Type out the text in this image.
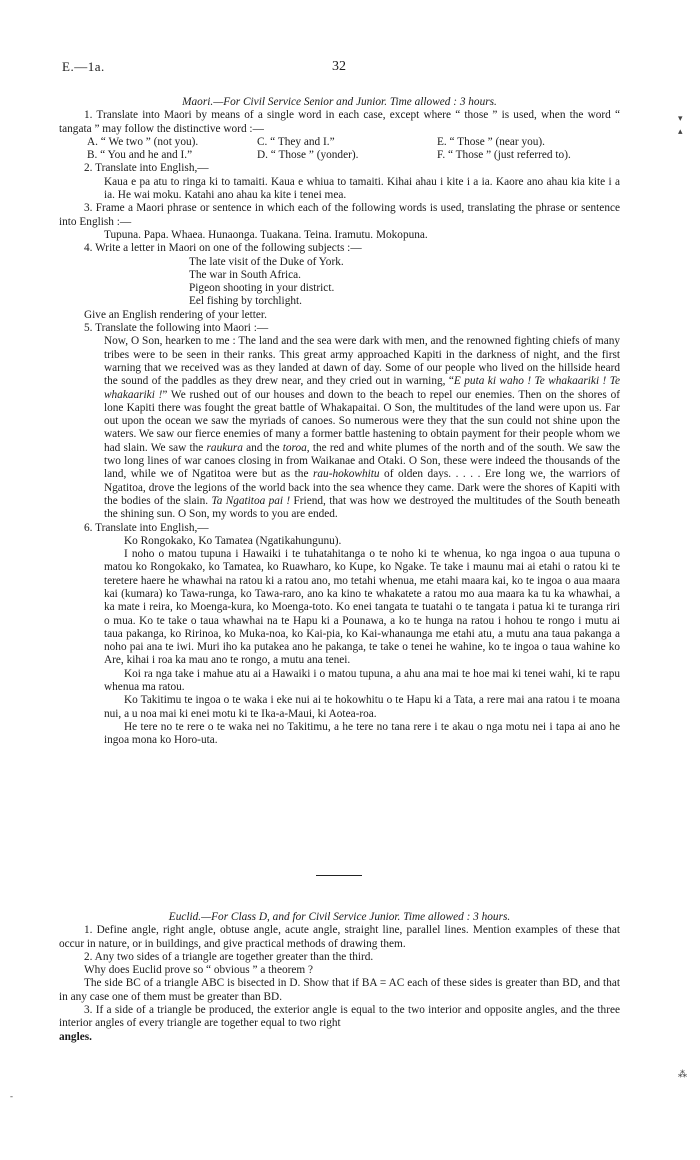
E.—1a.	32
▾
▴
⁂
-

Maori.—For Civil Service Senior and Junior. Time allowed : 3 hours.

1. Translate into Maori by means of a single word in each case, except where “ those ” is used, when the word “ tangata ” may follow the distinctive word :—

A. “ We two ” (not you).	C. “ They and I.”	E. “ Those ” (near you).
B. “ You and he and I.”	D. “ Those ” (yonder).	F. “ Those ” (just referred to).

2. Translate into English,—

Kaua e pa atu to ringa ki to tamaiti. Kaua e whiua to tamaiti. Kihai ahau i kite i a ia. Kaore ano ahau kia kite i a ia. He wai moku. Katahi ano ahau ka kite i tenei mea.

3. Frame a Maori phrase or sentence in which each of the following words is used, translating the phrase or sentence into English :—

Tupuna. Papa. Whaea. Hunaonga. Tuakana. Teina. Iramutu. Mokopuna.

4. Write a letter in Maori on one of the following subjects :—

The late visit of the Duke of York.
The war in South Africa.
Pigeon shooting in your district.
Eel fishing by torchlight.

Give an English rendering of your letter.

5. Translate the following into Maori :—

Now, O Son, hearken to me : The land and the sea were dark with men, and the renowned fighting chiefs of many tribes were to be seen in their ranks. This great army approached Kapiti in the darkness of night, and the first warning that we received was as they landed at dawn of day. Some of our people who lived on the hillside heard the sound of the paddles as they drew near, and they cried out in warning, “E puta ki waho ! Te whakaariki ! Te whakaariki !” We rushed out of our houses and down to the beach to repel our enemies. Then on the shores of lone Kapiti there was fought the great battle of Whakapaitai. O Son, the multitudes of the land were upon us. Far out upon the ocean we saw the myriads of canoes. So numerous were they that the sun could not shine upon the waters. We saw our fierce enemies of many a former battle hastening to obtain payment for their people whom we had slain. We saw the raukura and the toroa, the red and white plumes of the north and of the south. We saw the two long lines of war canoes closing in from Waikanae and Otaki. O Son, these were indeed the thousands of the land, while we of Ngatitoa were but as the rau-hokowhitu of olden days. . . . . Ere long we, the warriors of Ngatitoa, drove the legions of the world back into the sea whence they came. Dark were the shores of Kapiti with the bodies of the slain. Ta Ngatitoa pai ! Friend, that was how we destroyed the multitudes of the South beneath the shining sun. O Son, my words to you are ended.

6. Translate into English,—

Ko Rongokako, Ko Tamatea (Ngatikahungunu).

I noho o matou tupuna i Hawaiki i te tuhatahitanga o te noho ki te whenua, ko nga ingoa o aua tupuna o matou ko Rongokako, ko Tamatea, ko Ruawharo, ko Kupe, ko Ngake. Te take i maunu mai ai etahi o ratou ki te teretere haere he whawhai na ratou ki a ratou ano, mo tetahi whenua, me etahi maara kai, ko te ingoa o aua maara kai (kumara) ko Tawa-runga, ko Tawa-raro, ano ka kino te whakatete a ratou mo aua maara ka tu ka whawhai, a ka mate i reira, ko Moenga-kura, ko Moenga-toto. Ko enei tangata te tuatahi o te tangata i patua ki te turanga riri o mua. Ko te take o taua whawhai na te Hapu ki a Pounawa, a ko te hunga na ratou i hohou te rongo i mutu ai taua pakanga, ko Ririnoa, ko Muka-noa, ko Kai-pia, ko Kai-whanaunga me etahi atu, a mutu ana taua pakanga a noho pai ana te iwi. Muri iho ka putakea ano he pakanga, te take o tenei he wahine, ko te ingoa o taua wahine ko Are, kihai i roa ka mau ano te rongo, a mutu ana tenei.

Koi ra nga take i mahue atu ai a Hawaiki i o matou tupuna, a ahu ana mai te hoe mai ki tenei wahi, ki te rapu whenua ma ratou.

Ko Takitimu te ingoa o te waka i eke nui ai te hokowhitu o te Hapu ki a Tata, a rere mai ana ratou i te moana nui, a u noa mai ki enei motu ki te Ika-a-Maui, ki Aotea-roa.

He tere no te rere o te waka nei no Takitimu, a he tere no tana rere i te akau o nga motu nei i tapa ai ano he ingoa mona ko Horo-uta.

Euclid.—For Class D, and for Civil Service Junior. Time allowed : 3 hours.

1. Define angle, right angle, obtuse angle, acute angle, straight line, parallel lines. Mention examples of these that occur in nature, or in buildings, and give practical methods of drawing them.

2. Any two sides of a triangle are together greater than the third.

Why does Euclid prove so “ obvious ” a theorem ?

The side BC of a triangle ABC is bisected in D. Show that if BA = AC each of these sides is greater than BD, and that in any case one of them must be greater than BD.

3. If a side of a triangle be produced, the exterior angle is equal to the two interior and opposite angles, and the three interior angles of every triangle are together equal to two right

angles.
